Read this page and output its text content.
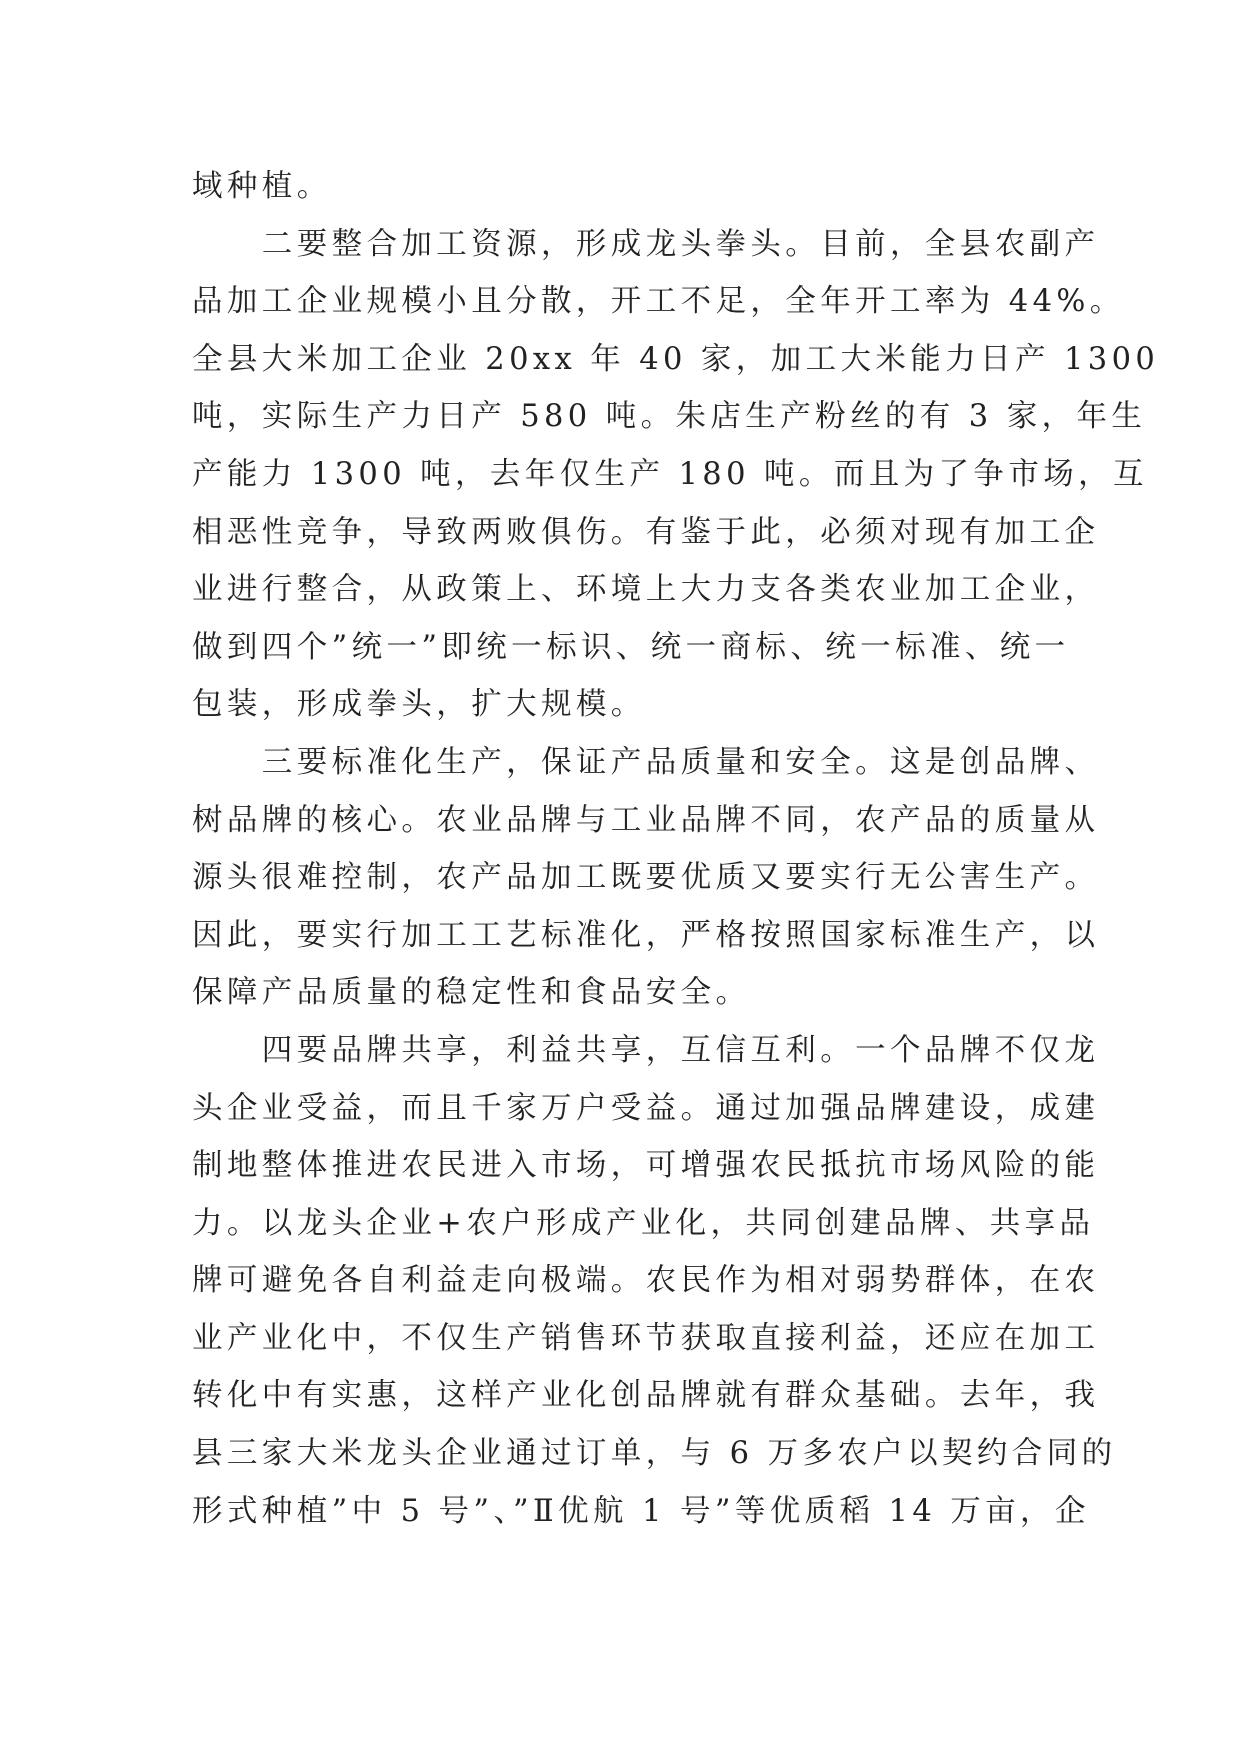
域种植。
　　二要整合加工资源，形成龙头拳头。目前，全县农副产
品加工企业规模小且分散，开工不足，全年开工率为 44%。
全县大米加工企业 20xx 年 40 家，加工大米能力日产 1300
吨，实际生产力日产 580 吨。朱店生产粉丝的有 3 家，年生
产能力 1300 吨，去年仅生产 180 吨。而且为了争市场，互
相恶性竞争，导致两败俱伤。有鉴于此，必须对现有加工企
业进行整合，从政策上、环境上大力支各类农业加工企业，
做到四个”统一”即统一标识、统一商标、统一标准、统一
包装，形成拳头，扩大规模。
　　三要标准化生产，保证产品质量和安全。这是创品牌、
树品牌的核心。农业品牌与工业品牌不同，农产品的质量从
源头很难控制，农产品加工既要优质又要实行无公害生产。
因此，要实行加工工艺标准化，严格按照国家标准生产，以
保障产品质量的稳定性和食品安全。
　　四要品牌共享，利益共享，互信互利。一个品牌不仅龙
头企业受益，而且千家万户受益。通过加强品牌建设，成建
制地整体推进农民进入市场，可增强农民抵抗市场风险的能
力。以龙头企业+农户形成产业化，共同创建品牌、共享品
牌可避免各自利益走向极端。农民作为相对弱势群体，在农
业产业化中，不仅生产销售环节获取直接利益，还应在加工
转化中有实惠，这样产业化创品牌就有群众基础。去年，我
县三家大米龙头企业通过订单，与 6 万多农户以契约合同的
形式种植”中 5 号”、”Ⅱ优航 1 号”等优质稻 14 万亩，企
